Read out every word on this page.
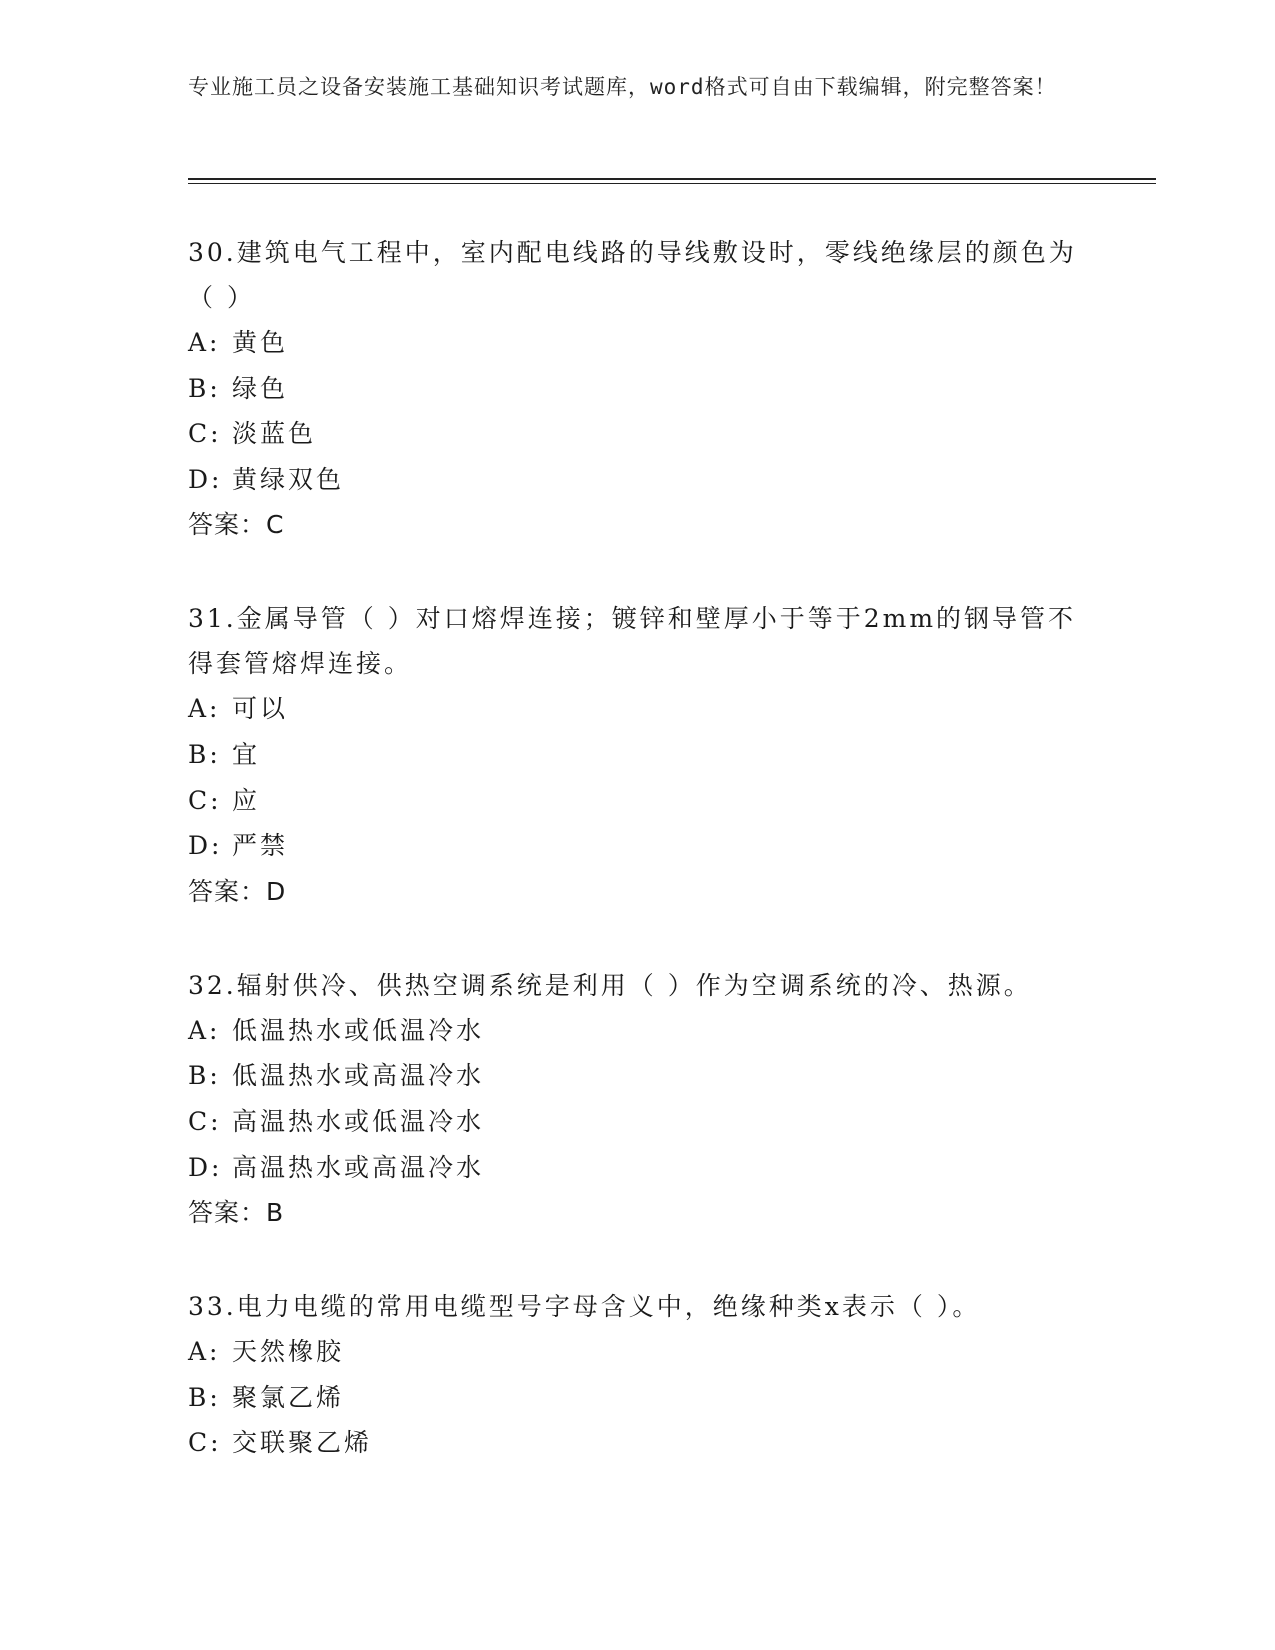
专业施工员之设备安装施工基础知识考试题库，word格式可自由下载编辑，附完整答案！
30.建筑电气工程中，室内配电线路的导线敷设时，零线绝缘层的颜色为（ ）
A: 黄色
B: 绿色
C: 淡蓝色
D: 黄绿双色
答案：C
31.金属导管（ ）对口熔焊连接；镀锌和壁厚小于等于2mm的钢导管不得套管熔焊连接。
A: 可以
B: 宜
C: 应
D: 严禁
答案：D
32.辐射供冷、供热空调系统是利用（ ）作为空调系统的冷、热源。
A: 低温热水或低温冷水
B: 低温热水或高温冷水
C: 高温热水或低温冷水
D: 高温热水或高温冷水
答案：B
33.电力电缆的常用电缆型号字母含义中，绝缘种类x表示（ ）。
A: 天然橡胶
B: 聚氯乙烯
C: 交联聚乙烯
